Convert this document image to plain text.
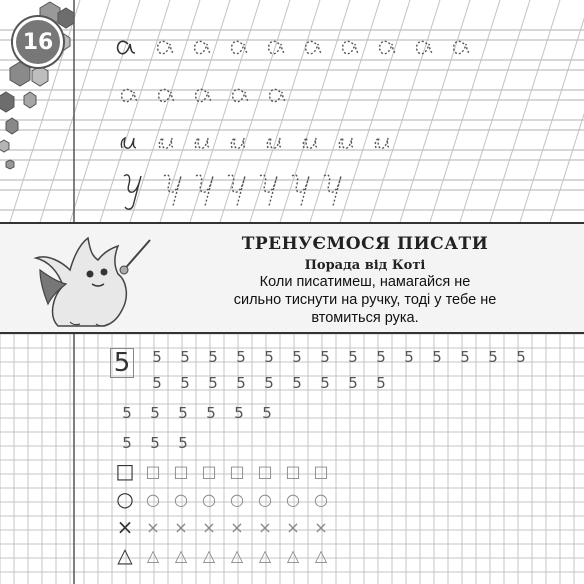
16
ТРЕНУЄМОСЯ ПИСАТИ
Порада від Коті
Коли писатимеш, намагайся не
сильно тиснути на ручку, тоді у тебе не
втомиться рука.
5	5	5	5	5	5	5	5	5	5	5	5	5	5
5	5	5	5	5	5	5	5	5
5	5	5	5	5	5
5	5	5
5
□ □ □ □ □ □ □ □
○ ○ ○ ○ ○ ○ ○ ○
× × × × × × × ×
△ △ △ △ △ △ △ △
